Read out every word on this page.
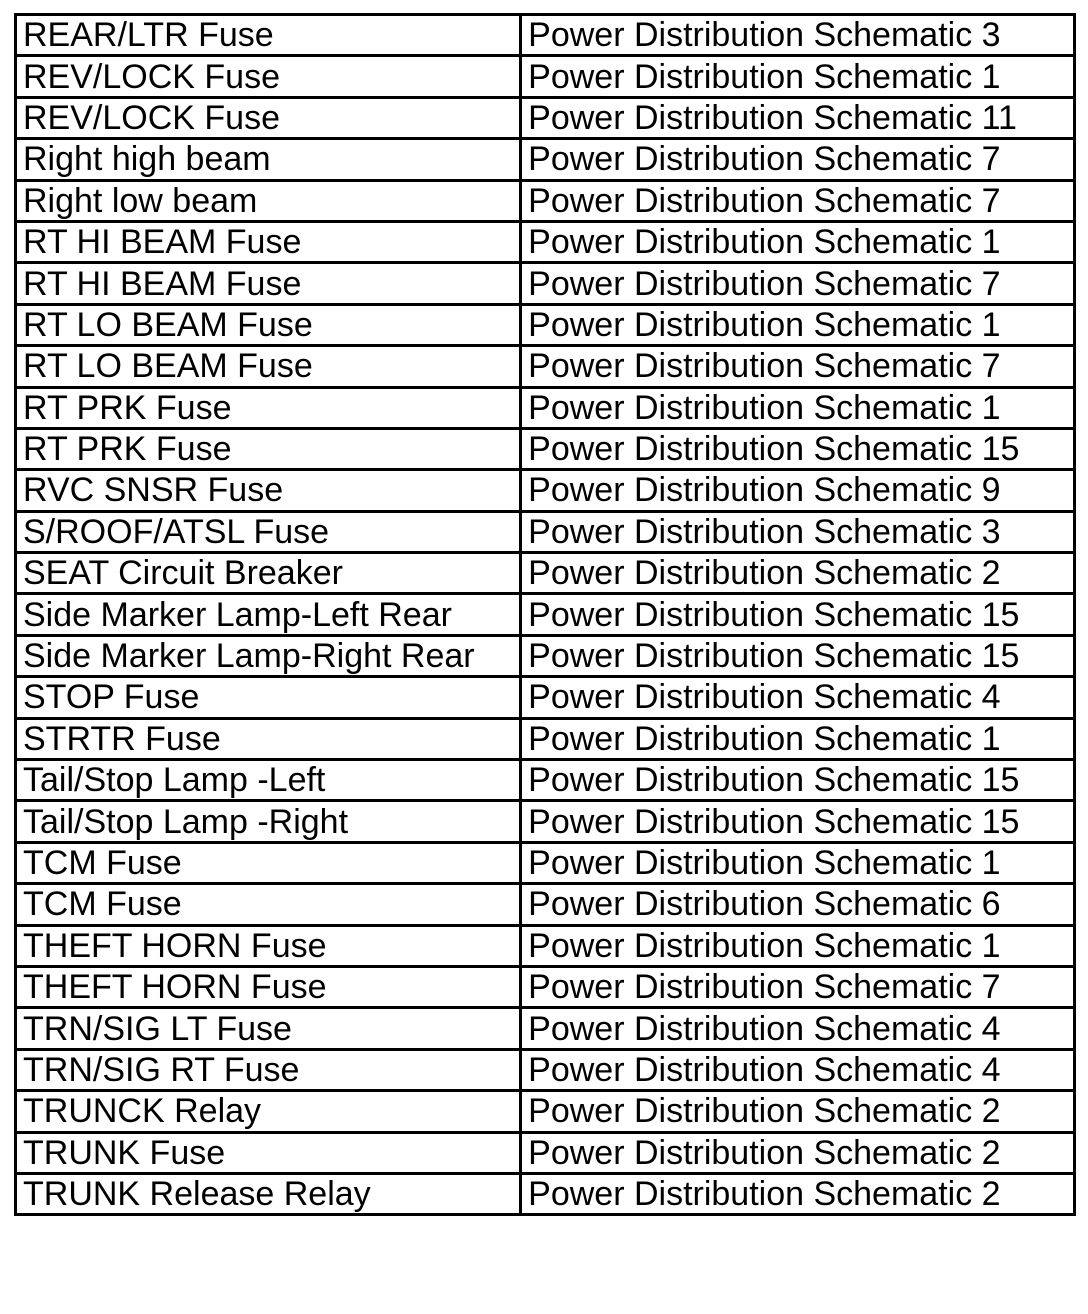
REAR/LTR Fuse	Power Distribution Schematic 3
REV/LOCK Fuse	Power Distribution Schematic 1
REV/LOCK Fuse	Power Distribution Schematic 11
Right high beam	Power Distribution Schematic 7
Right low beam	Power Distribution Schematic 7
RT HI BEAM Fuse	Power Distribution Schematic 1
RT HI BEAM Fuse	Power Distribution Schematic 7
RT LO BEAM Fuse	Power Distribution Schematic 1
RT LO BEAM Fuse	Power Distribution Schematic 7
RT PRK Fuse	Power Distribution Schematic 1
RT PRK Fuse	Power Distribution Schematic 15
RVC SNSR Fuse	Power Distribution Schematic 9
S/ROOF/ATSL Fuse	Power Distribution Schematic 3
SEAT Circuit Breaker	Power Distribution Schematic 2
Side Marker Lamp-Left Rear	Power Distribution Schematic 15
Side Marker Lamp-Right Rear	Power Distribution Schematic 15
STOP Fuse	Power Distribution Schematic 4
STRTR Fuse	Power Distribution Schematic 1
Tail/Stop Lamp -Left	Power Distribution Schematic 15
Tail/Stop Lamp -Right	Power Distribution Schematic 15
TCM Fuse	Power Distribution Schematic 1
TCM Fuse	Power Distribution Schematic 6
THEFT HORN Fuse	Power Distribution Schematic 1
THEFT HORN Fuse	Power Distribution Schematic 7
TRN/SIG LT Fuse	Power Distribution Schematic 4
TRN/SIG RT Fuse	Power Distribution Schematic 4
TRUNCK Relay	Power Distribution Schematic 2
TRUNK Fuse	Power Distribution Schematic 2
TRUNK Release Relay	Power Distribution Schematic 2
